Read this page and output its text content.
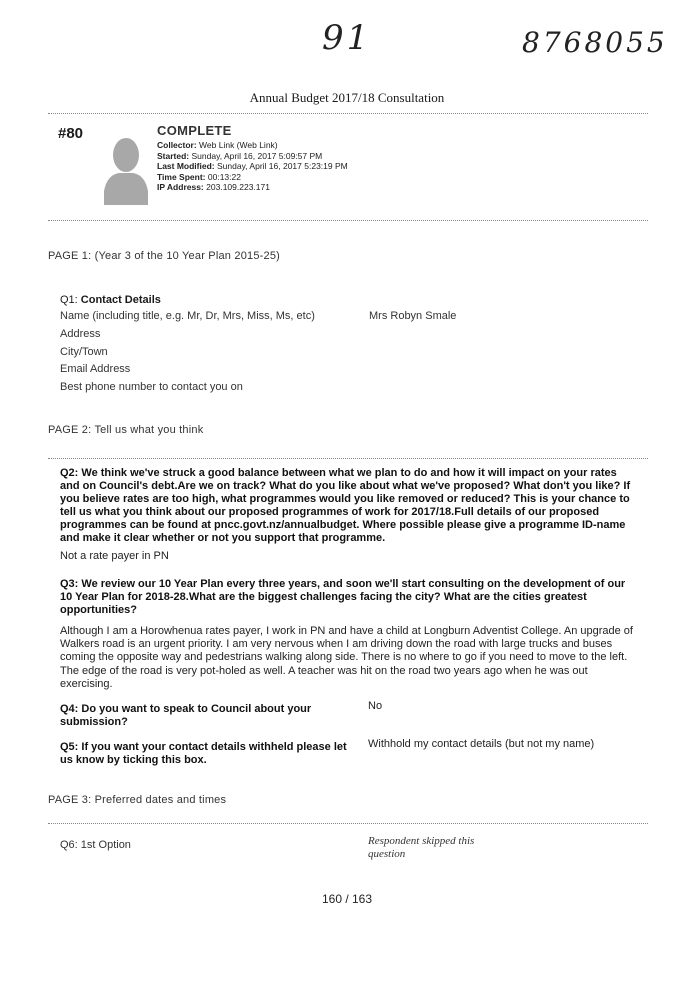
91	8768055
Annual Budget 2017/18 Consultation
#80	COMPLETE
Collector: Web Link (Web Link)
Started: Sunday, April 16, 2017 5:09:57 PM
Last Modified: Sunday, April 16, 2017 5:23:19 PM
Time Spent: 00:13:22
IP Address: 203.109.223.171
PAGE 1: (Year 3 of the 10 Year Plan 2015-25)
Q1: Contact Details
Name (including title, e.g. Mr, Dr, Mrs, Miss, Ms, etc)	Mrs Robyn Smale
Address
City/Town
Email Address
Best phone number to contact you on
PAGE 2: Tell us what you think
Q2: We think we've struck a good balance between what we plan to do and how it will impact on your rates and on Council's debt.Are we on track? What do you like about what we've proposed? What don't you like? If you believe rates are too high, what programmes would you like removed or reduced? This is your chance to tell us what you think about our proposed programmes of work for 2017/18.Full details of our proposed programmes can be found at pncc.govt.nz/annualbudget. Where possible please give a programme ID-name and make it clear whether or not you support that programme.
Not a rate payer in PN
Q3: We review our 10 Year Plan every three years, and soon we'll start consulting on the development of our 10 Year Plan for 2018-28.What are the biggest challenges facing the city? What are the cities greatest opportunities?
Although I am a Horowhenua rates payer, I work in PN and have a child at Longburn Adventist College. An upgrade of Walkers road is an urgent priority. I am very nervous when I am driving down the road with large trucks and buses coming the opposite way and pedestrians walking along side. There is no where to go if you need to move to the left. The edge of the road is very pot-holed as well. A teacher was hit on the road two years ago when he was out exercising.
Q4: Do you want to speak to Council about your submission?
No
Q5: If you want your contact details withheld please let us know by ticking this box.
Withhold my contact details (but not my name)
PAGE 3: Preferred dates and times
Q6: 1st Option	Respondent skipped this question
160 / 163
